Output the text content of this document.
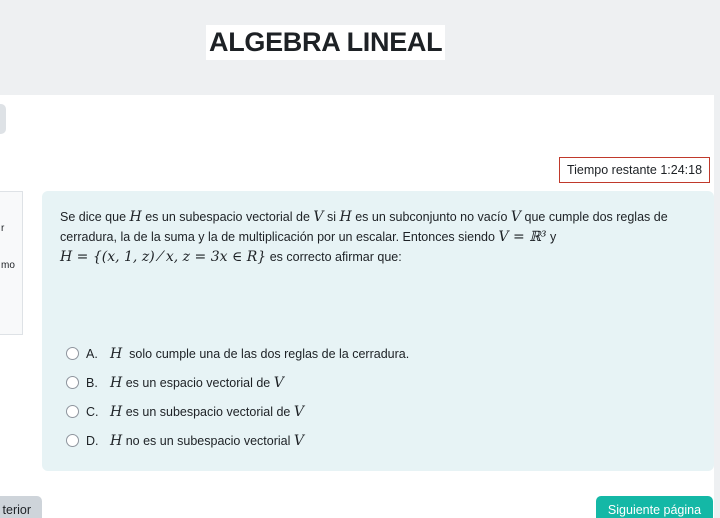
ALGEBRA LINEAL
Tiempo restante 1:24:18
r
mo
Se dice que H es un subespacio vectorial de V si H es un subconjunto no vacío V que cumple dos reglas de cerradura, la de la suma y la de multiplicación por un escalar. Entonces siendo V = ℝ³ y
H = {(x, 1, z) ⁄ x, z = 3x ∈ R} es correcto afirmar que:
A. H
solo cumple una de las dos reglas de la cerradura.
B. H
es un espacio vectorial de
V
C. H
es un subespacio vectorial de
V
D. H
no es un subespacio vectorial
V
terior	Siguiente página
